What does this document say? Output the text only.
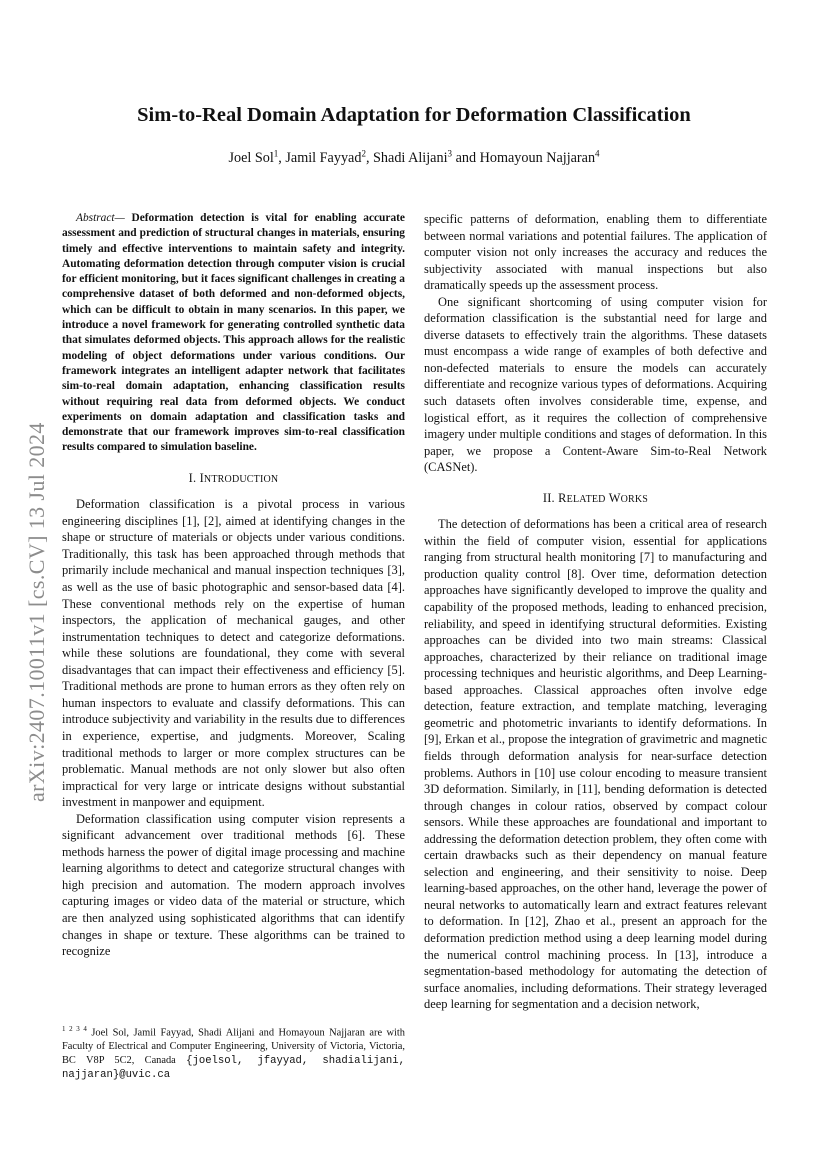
arXiv:2407.10011v1 [cs.CV] 13 Jul 2024
Sim-to-Real Domain Adaptation for Deformation Classification
Joel Sol$^1$, Jamil Fayyad$^2$, Shadi Alijani$^3$ and Homayoun Najjaran$^4$

Abstract— Deformation detection is vital for enabling accurate assessment and prediction of structural changes in materials, ensuring timely and effective interventions to maintain safety and integrity. Automating deformation detection through computer vision is crucial for efficient monitoring, but it faces significant challenges in creating a comprehensive dataset of both deformed and non-deformed objects, which can be difficult to obtain in many scenarios. In this paper, we introduce a novel framework for generating controlled synthetic data that simulates deformed objects. This approach allows for the realistic modeling of object deformations under various conditions. Our framework integrates an intelligent adapter network that facilitates sim-to-real domain adaptation, enhancing classification results without requiring real data from deformed objects. We conduct experiments on domain adaptation and classification tasks and demonstrate that our framework improves sim-to-real classification results compared to simulation baseline.

I. INTRODUCTION

Deformation classification is a pivotal process in various engineering disciplines [1], [2], aimed at identifying changes in the shape or structure of materials or objects under various conditions. Traditionally, this task has been approached through methods that primarily include mechanical and manual inspection techniques [3], as well as the use of basic photographic and sensor-based data [4]. These conventional methods rely on the expertise of human inspectors, the application of mechanical gauges, and other instrumentation techniques to detect and categorize deformations. while these solutions are foundational, they come with several disadvantages that can impact their effectiveness and efficiency [5]. Traditional methods are prone to human errors as they often rely on human inspectors to evaluate and classify deformations. This can introduce subjectivity and variability in the results due to differences in experience, expertise, and judgments. Moreover, Scaling traditional methods to larger or more complex structures can be problematic. Manual methods are not only slower but also often impractical for very large or intricate designs without substantial investment in manpower and equipment.

Deformation classification using computer vision represents a significant advancement over traditional methods [6]. These methods harness the power of digital image processing and machine learning algorithms to detect and categorize structural changes with high precision and automation. The modern approach involves capturing images or video data of the material or structure, which are then analyzed using sophisticated algorithms that can identify changes in shape or texture. These algorithms can be trained to recognize

$^{1 2 3 4}$ Joel Sol, Jamil Fayyad, Shadi Alijani and Homayoun Najjaran are with Faculty of Electrical and Computer Engineering, University of Victoria, Victoria, BC V8P 5C2, Canada {joelsol, jfayyad, shadialijani, najjaran}@uvic.ca

specific patterns of deformation, enabling them to differentiate between normal variations and potential failures. The application of computer vision not only increases the accuracy and reduces the subjectivity associated with manual inspections but also dramatically speeds up the assessment process.

One significant shortcoming of using computer vision for deformation classification is the substantial need for large and diverse datasets to effectively train the algorithms. These datasets must encompass a wide range of examples of both defective and non-defected materials to ensure the models can accurately differentiate and recognize various types of deformations. Acquiring such datasets often involves considerable time, expense, and logistical effort, as it requires the collection of comprehensive imagery under multiple conditions and stages of deformation. In this paper, we propose a Content-Aware Sim-to-Real Network (CASNet).

II. RELATED WORKS

The detection of deformations has been a critical area of research within the field of computer vision, essential for applications ranging from structural health monitoring [7] to manufacturing and production quality control [8]. Over time, deformation detection approaches have significantly developed to improve the quality and capability of the proposed methods, leading to enhanced precision, reliability, and speed in identifying structural deformities. Existing approaches can be divided into two main streams: Classical approaches, characterized by their reliance on traditional image processing techniques and heuristic algorithms, and Deep Learning-based approaches. Classical approaches often involve edge detection, feature extraction, and template matching, leveraging geometric and photometric invariants to identify deformations. In [9], Erkan et al., propose the integration of gravimetric and magnetic fields through deformation analysis for near-surface detection problems. Authors in [10] use colour encoding to measure transient 3D deformation. Similarly, in [11], bending deformation is detected through changes in colour ratios, observed by compact colour sensors. While these approaches are foundational and important to addressing the deformation detection problem, they often come with certain drawbacks such as their dependency on manual feature selection and engineering, and their sensitivity to noise. Deep learning-based approaches, on the other hand, leverage the power of neural networks to automatically learn and extract features relevant to deformation. In [12], Zhao et al., present an approach for the deformation prediction method using a deep learning model during the numerical control machining process. In [13], introduce a segmentation-based methodology for automating the detection of surface anomalies, including deformations. Their strategy leveraged deep learning for segmentation and a decision network,
